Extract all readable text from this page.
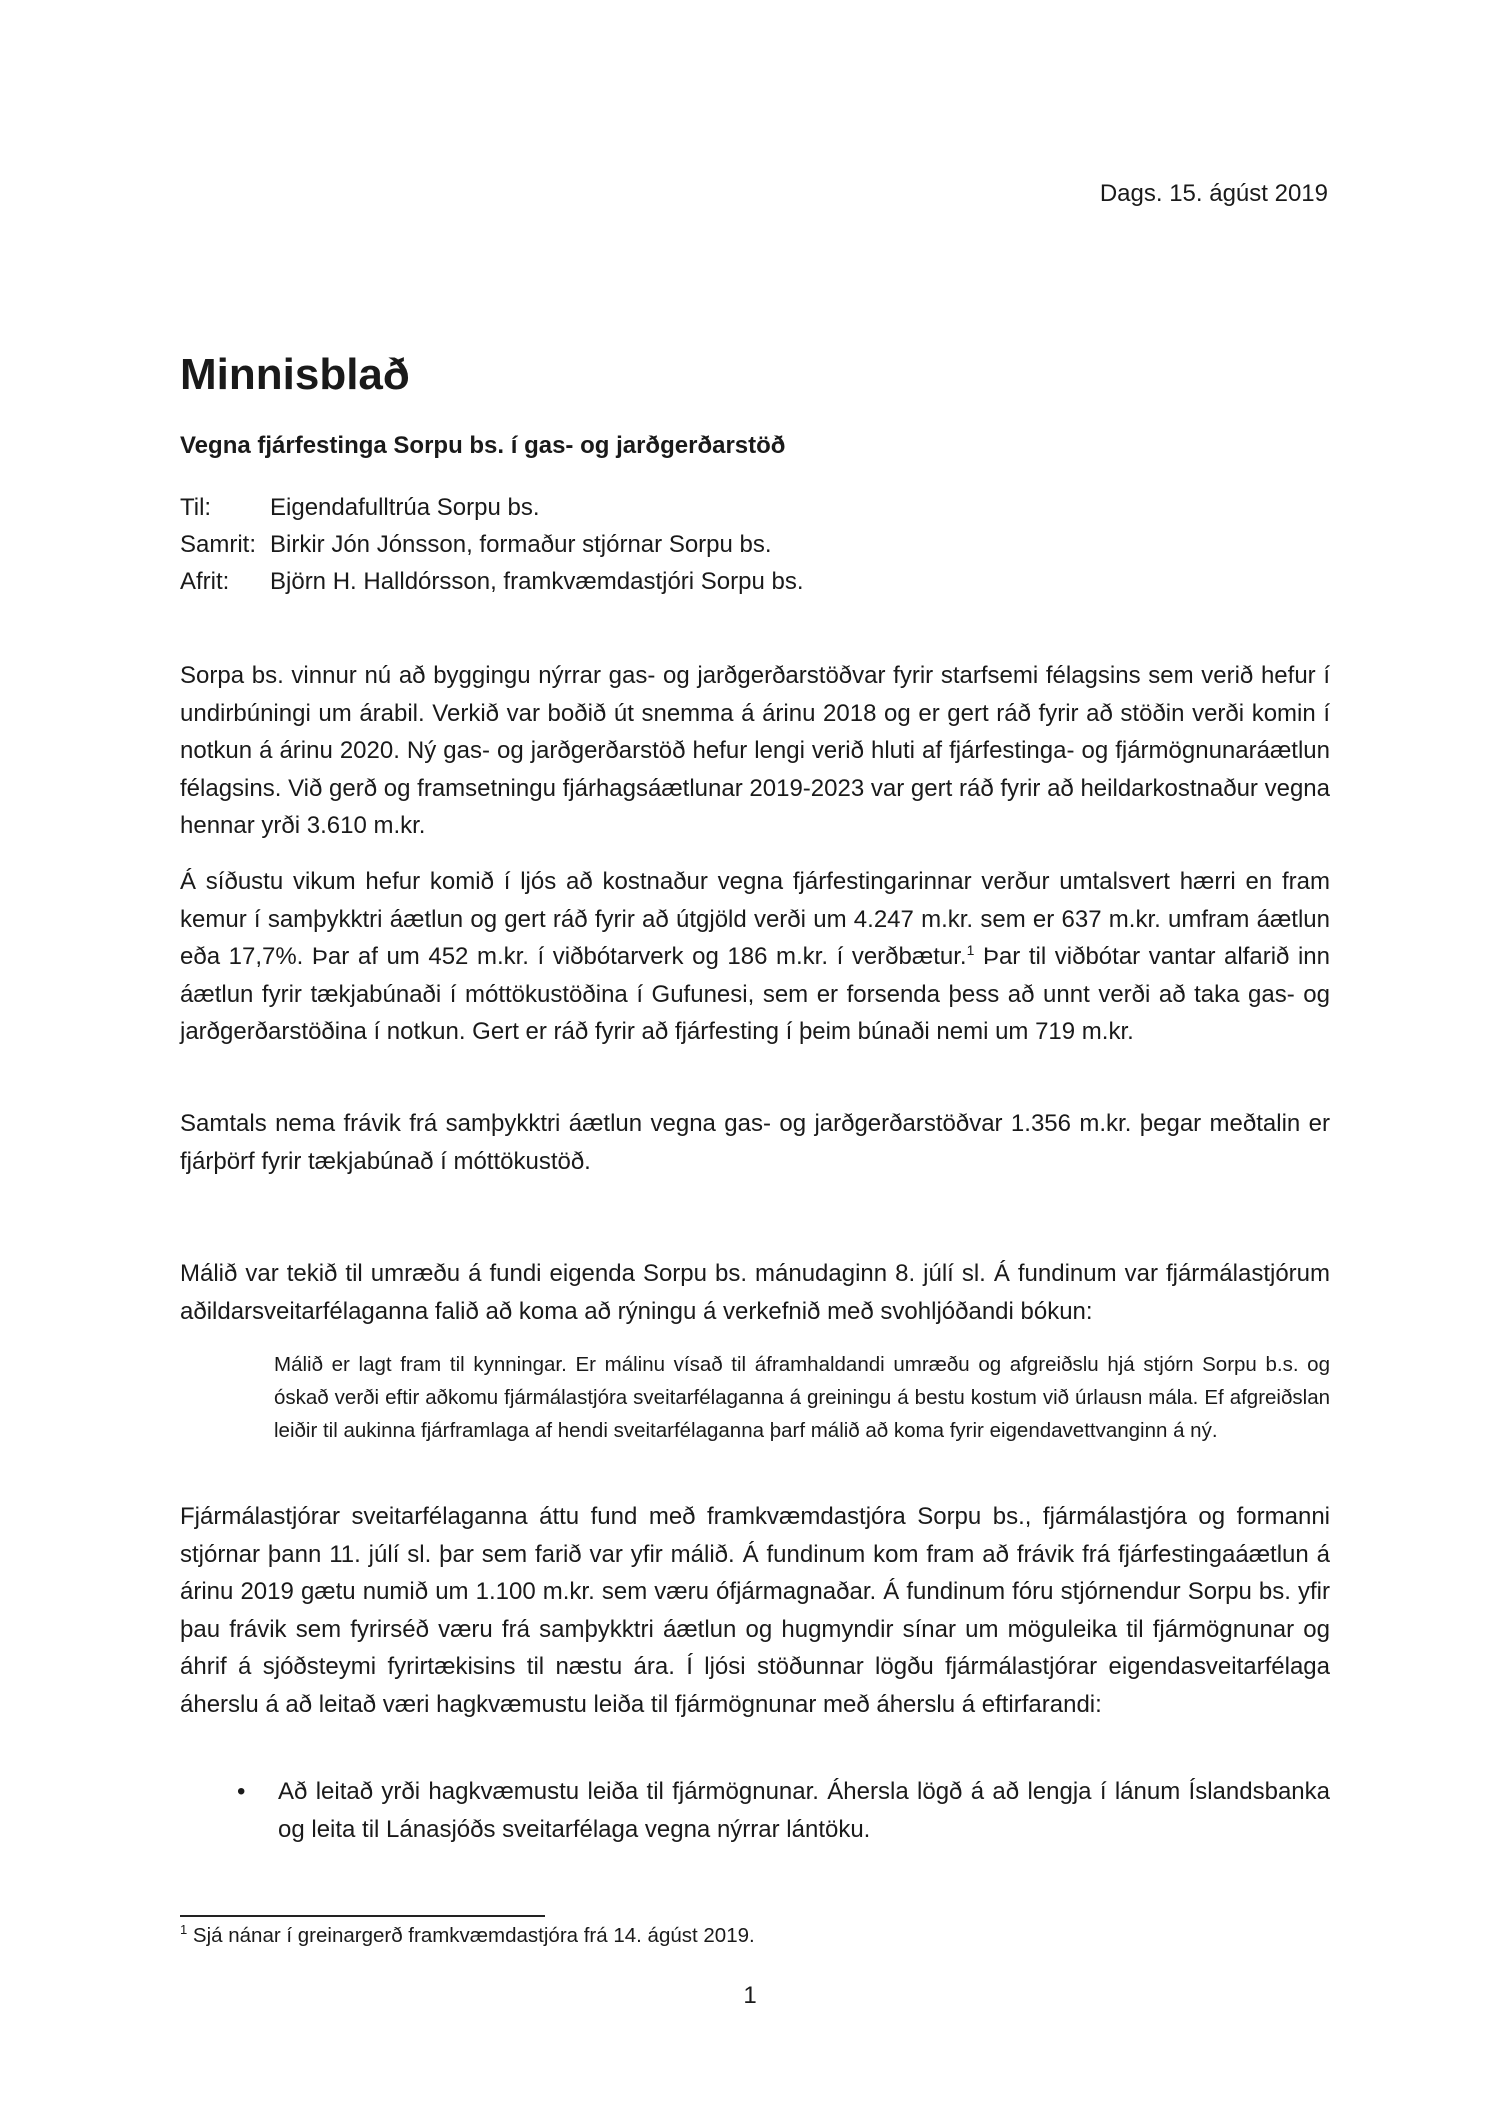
Dags. 15. ágúst 2019
Minnisblað
Vegna fjárfestinga Sorpu bs. í gas- og jarðgerðarstöð
Til:	Eigendafulltrúa Sorpu bs.
Samrit: Birkir Jón Jónsson, formaður stjórnar Sorpu bs.
Afrit:	Björn H. Halldórsson, framkvæmdastjóri Sorpu bs.

Sorpa bs. vinnur nú að byggingu nýrrar gas- og jarðgerðarstöðvar fyrir starfsemi félagsins sem verið hefur í undirbúningi um árabil. Verkið var boðið út snemma á árinu 2018 og er gert ráð fyrir að stöðin verði komin í notkun á árinu 2020. Ný gas- og jarðgerðarstöð hefur lengi verið hluti af fjárfestinga- og fjármögnunaráætlun félagsins. Við gerð og framsetningu fjárhagsáætlunar 2019-2023 var gert ráð fyrir að heildarkostnaður vegna hennar yrði 3.610 m.kr.

Á síðustu vikum hefur komið í ljós að kostnaður vegna fjárfestingarinnar verður umtalsvert hærri en fram kemur í samþykktri áætlun og gert ráð fyrir að útgjöld verði um 4.247 m.kr. sem er 637 m.kr. umfram áætlun eða 17,7%. Þar af um 452 m.kr. í viðbótarverk og 186 m.kr. í verðbætur.$^1$ Þar til viðbótar vantar alfarið inn áætlun fyrir tækjabúnaði í móttökustöðina í Gufunesi, sem er forsenda þess að unnt verði að taka gas- og jarðgerðarstöðina í notkun. Gert er ráð fyrir að fjárfesting í þeim búnaði nemi um 719 m.kr.

Samtals nema frávik frá samþykktri áætlun vegna gas- og jarðgerðarstöðvar 1.356 m.kr. þegar meðtalin er fjárþörf fyrir tækjabúnað í móttökustöð.

Málið var tekið til umræðu á fundi eigenda Sorpu bs. mánudaginn 8. júlí sl. Á fundinum var fjármálastjórum aðildarsveitarfélaganna falið að koma að rýningu á verkefnið með svohljóðandi bókun:

Málið er lagt fram til kynningar. Er málinu vísað til áframhaldandi umræðu og afgreiðslu hjá stjórn Sorpu b.s. og óskað verði eftir aðkomu fjármálastjóra sveitarfélaganna á greiningu á bestu kostum við úrlausn mála. Ef afgreiðslan leiðir til aukinna fjárframlaga af hendi sveitarfélaganna þarf málið að koma fyrir eigendavettvanginn á ný.

Fjármálastjórar sveitarfélaganna áttu fund með framkvæmdastjóra Sorpu bs., fjármálastjóra og formanni stjórnar þann 11. júlí sl. þar sem farið var yfir málið. Á fundinum kom fram að frávik frá fjárfestingaáætlun á árinu 2019 gætu numið um 1.100 m.kr. sem væru ófjármagnaðar. Á fundinum fóru stjórnendur Sorpu bs. yfir þau frávik sem fyrirséð væru frá samþykktri áætlun og hugmyndir sínar um möguleika til fjármögnunar og áhrif á sjóðsteymi fyrirtækisins til næstu ára. Í ljósi stöðunnar lögðu fjármálastjórar eigendasveitarfélaga áherslu á að leitað væri hagkvæmustu leiða til fjármögnunar með áherslu á eftirfarandi:

• Að leitað yrði hagkvæmustu leiða til fjármögnunar. Áhersla lögð á að lengja í lánum Íslandsbanka og leita til Lánasjóðs sveitarfélaga vegna nýrrar lántöku.
$^1$ Sjá nánar í greinargerð framkvæmdastjóra frá 14. ágúst 2019.
1
